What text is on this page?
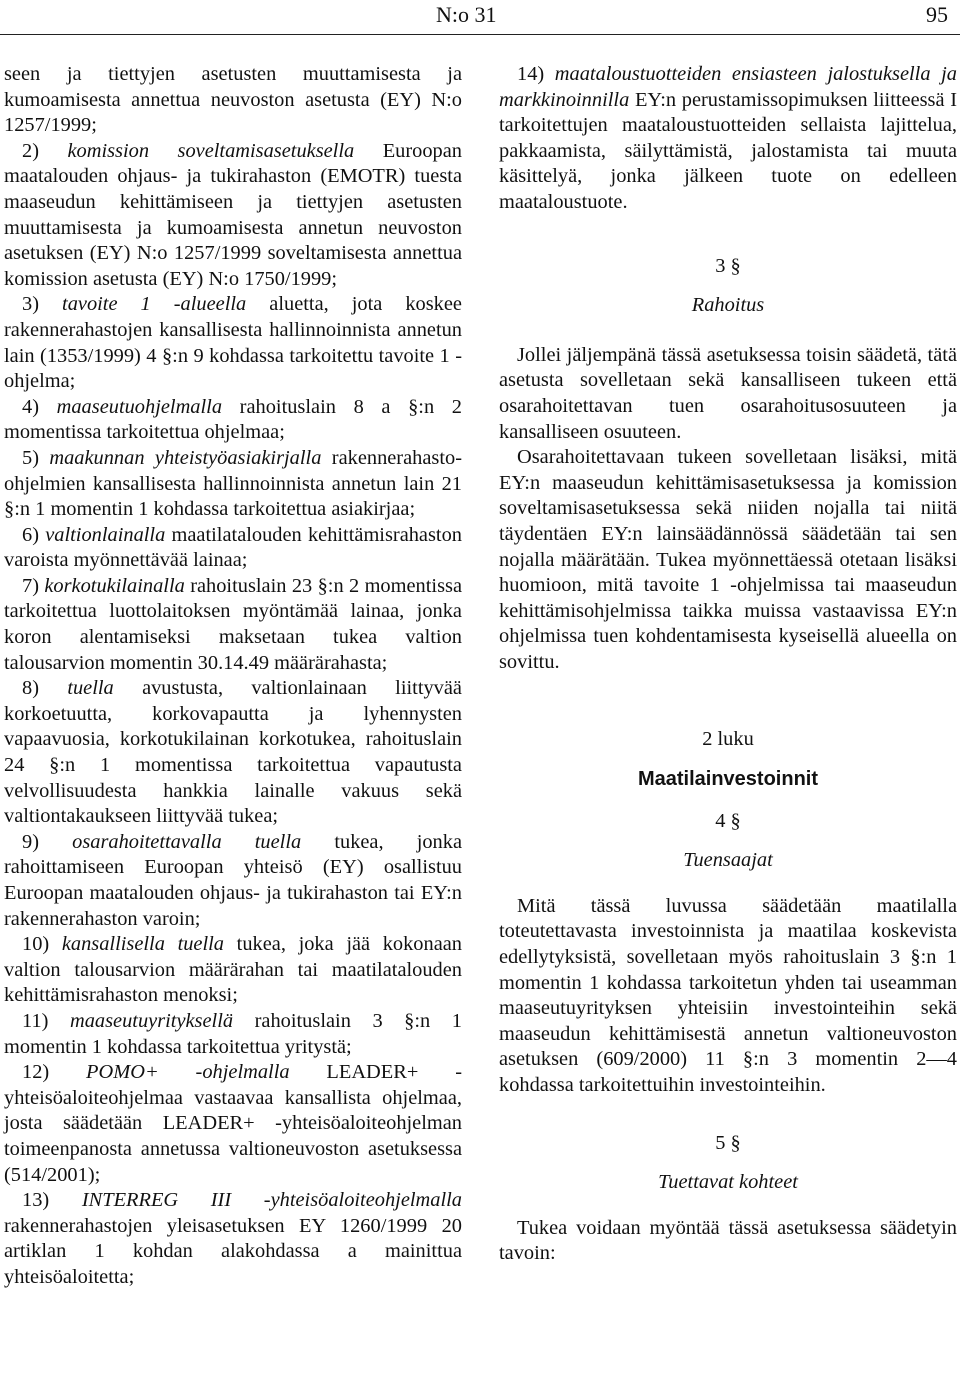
N:o 31	95

seen ja tiettyjen asetusten muuttamisesta ja kumoamisesta annettua neuvoston asetusta (EY) N:o 1257/1999;

2) komission soveltamisasetuksella Euroopan maatalouden ohjaus- ja tukirahaston (EMOTR) tuesta maaseudun kehittämiseen ja tiettyjen asetusten muuttamisesta ja kumoamisesta annetun neuvoston asetuksen (EY) N:o 1257/1999 soveltamisesta annettua komission asetusta (EY) N:o 1750/1999;

3) tavoite 1 -alueella aluetta, jota koskee rakennerahastojen kansallisesta hallinnoinnista annetun lain (1353/1999) 4 §:n 9 kohdassa tarkoitettu tavoite 1 -ohjelma;

4) maaseutuohjelmalla rahoituslain 8 a §:n 2 momentissa tarkoitettua ohjelmaa;

5) maakunnan yhteistyöasiakirjalla rakennerahasto-ohjelmien kansallisesta hallinnoinnista annetun lain 21 §:n 1 momentin 1 kohdassa tarkoitettua asiakirjaa;

6) valtionlainalla maatilatalouden kehittämisrahaston varoista myönnettävää lainaa;

7) korkotukilainalla rahoituslain 23 §:n 2 momentissa tarkoitettua luottolaitoksen myöntämää lainaa, jonka koron alentamiseksi maksetaan tukea valtion talousarvion momentin 30.14.49 määrärahasta;

8) tuella avustusta, valtionlainaan liittyvää korkoetuutta, korkovapautta ja lyhennysten vapaavuosia, korkotukilainan korkotukea, rahoituslain 24 §:n 1 momentissa tarkoitettua vapautusta velvollisuudesta hankkia lainalle vakuus sekä valtiontakaukseen liittyvää tukea;

9) osarahoitettavalla tuella tukea, jonka rahoittamiseen Euroopan yhteisö (EY) osallistuu Euroopan maatalouden ohjaus- ja tukirahaston tai EY:n rakennerahaston varoin;

10) kansallisella tuella tukea, joka jää kokonaan valtion talousarvion määrärahan tai maatilatalouden kehittämisrahaston menoksi;

11) maaseutuyrityksellä rahoituslain 3 §:n 1 momentin 1 kohdassa tarkoitettua yritystä;

12) POMO+ -ohjelmalla LEADER+ -yhteisöaloiteohjelmaa vastaavaa kansallista ohjelmaa, josta säädetään LEADER+ -yhteisöaloiteohjelman toimeenpanosta annetussa valtioneuvoston asetuksessa (514/2001);

13) INTERREG III -yhteisöaloiteohjelmalla rakennerahastojen yleisasetuksen EY 1260/1999 20 artiklan 1 kohdan alakohdassa a mainittua yhteisöaloitetta;

14) maataloustuotteiden ensiasteen jalostuksella ja markkinoinnilla EY:n perustamissopimuksen liitteessä I tarkoitettujen maataloustuotteiden sellaista lajittelua, pakkaamista, säilyttämistä, jalostamista tai muuta käsittelyä, jonka jälkeen tuote on edelleen maataloustuote.

3 §

Rahoitus

Jollei jäljempänä tässä asetuksessa toisin säädetä, tätä asetusta sovelletaan sekä kansalliseen tukeen että osarahoitettavan tuen osarahoitusosuuteen ja kansalliseen osuuteen.

Osarahoitettavaan tukeen sovelletaan lisäksi, mitä EY:n maaseudun kehittämisasetuksessa ja komission soveltamisasetuksessa sekä niiden nojalla tai niitä täydentäen EY:n lainsäädännössä säädetään tai sen nojalla määrätään. Tukea myönnettäessä otetaan lisäksi huomioon, mitä tavoite 1 -ohjelmissa tai maaseudun kehittämisohjelmissa taikka muissa vastaavissa EY:n ohjelmissa tuen kohdentamisesta kyseisellä alueella on sovittu.

2 luku

Maatilainvestoinnit

4 §

Tuensaajat

Mitä tässä luvussa säädetään maatilalla toteutettavasta investoinnista ja maatilaa koskevista edellytyksistä, sovelletaan myös rahoituslain 3 §:n 1 momentin 1 kohdassa tarkoitetun yhden tai useamman maaseutuyrityksen yhteisiin investointeihin sekä maaseudun kehittämisestä annetun valtioneuvoston asetuksen (609/2000) 11 §:n 3 momentin 2—4 kohdassa tarkoitettuihin investointeihin.

5 §

Tuettavat kohteet

Tukea voidaan myöntää tässä asetuksessa säädetyin tavoin:
